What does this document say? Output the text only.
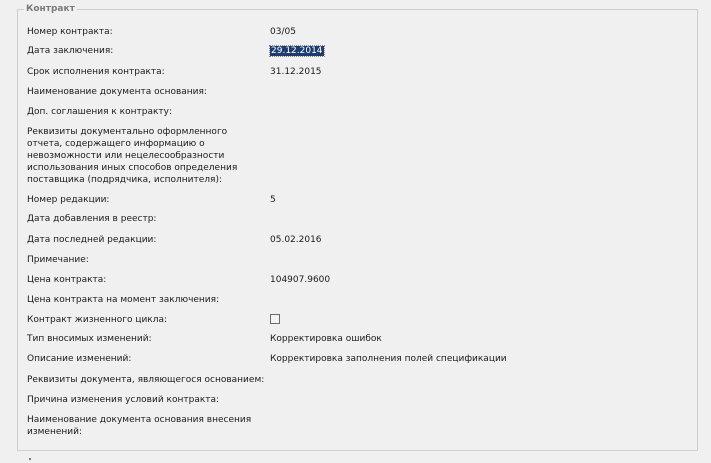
Контракт
Номер контракта:	03/05
Дата заключения:	29.12.2014
Срок исполнения контракта:	31.12.2015
Наименование документа основания:
Доп. соглашения к контракту:
Реквизиты документально оформленного отчета, содержащего информацию о невозможности или нецелесообразности использования иных способов определения поставщика (подрядчика, исполнителя):
Номер редакции:	5
Дата добавления в реестр:
Дата последней редакции:	05.02.2016
Примечание:
Цена контракта:	104907.9600
Цена контракта на момент заключения:
Контракт жизненного цикла:
Тип вносимых изменений:	Корректировка ошибок
Описание изменений:	Корректировка заполнения полей спецификации
Реквизиты документа, являющегося основанием:
Причина изменения условий контракта:
Наименование документа основания внесения изменений:
